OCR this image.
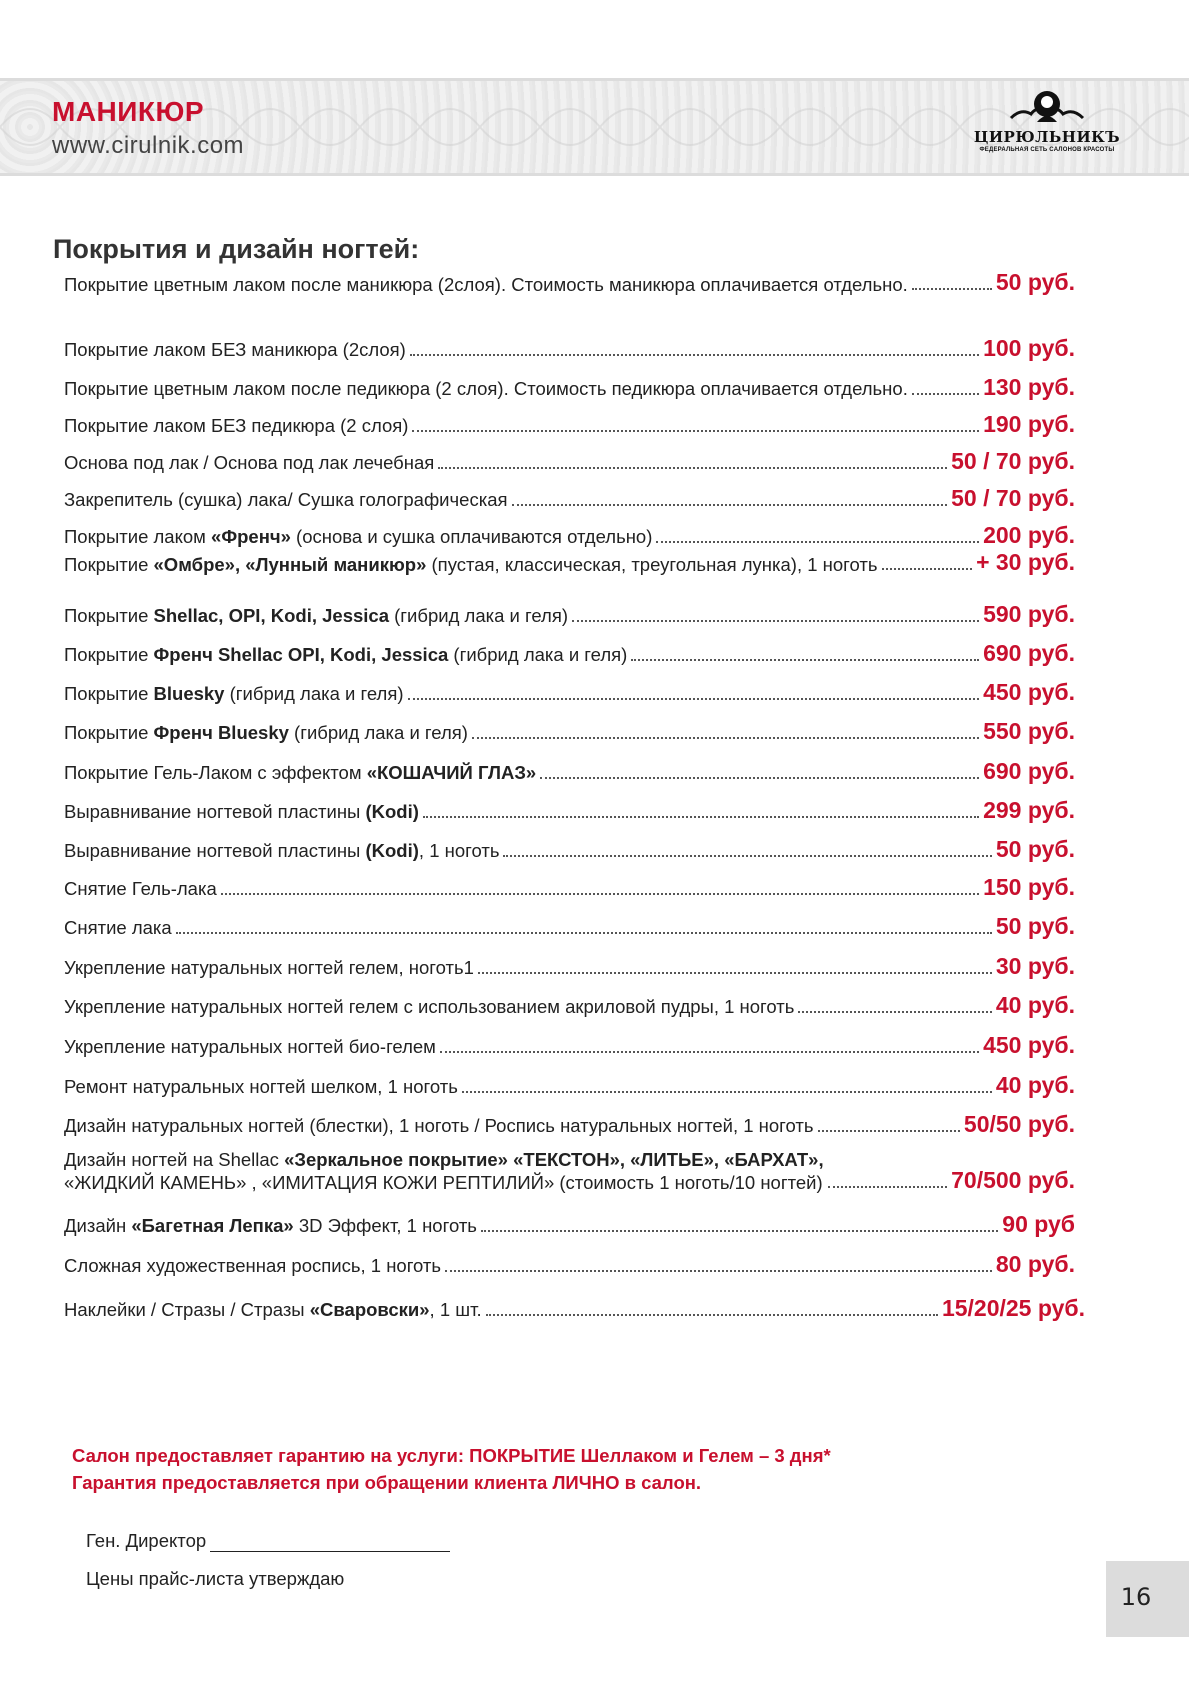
МАНИКЮР
www.cirulnik.com	ЦИРЮЛЬНИКЪ
ФЕДЕРАЛЬНАЯ СЕТЬ САЛОНОВ КРАСОТЫ
Покрытия и дизайн ногтей:
Покрытие цветным лаком после маникюра (2слоя). Стоимость маникюра оплачивается отдельно.	50 руб.
Покрытие лаком БЕЗ маникюра (2слоя)	100 руб.
Покрытие цветным лаком после педикюра (2 слоя). Стоимость педикюра оплачивается отдельно.	130 руб.
Покрытие лаком БЕЗ педикюра (2 слоя)	190 руб.
Основа под лак / Основа под лак лечебная	50 / 70 руб.
Закрепитель (сушка) лака/ Сушка голографическая	50 / 70 руб.
Покрытие лаком «Френч» (основа и сушка оплачиваются отдельно)	200 руб.
Покрытие «Омбре», «Лунный маникюр» (пустая, классическая, треугольная лунка), 1 ноготь	+ 30 руб.
Покрытие Shellac, OPI, Kodi, Jessica (гибрид лака и геля)	590 руб.
Покрытие Френч Shellac OPI, Kodi, Jessica (гибрид лака и геля)	690 руб.
Покрытие Bluesky (гибрид лака и геля)	450 руб.
Покрытие Френч Bluesky (гибрид лака и геля)	550 руб.
Покрытие Гель-Лаком с эффектом «КОШАЧИЙ ГЛАЗ»	690 руб.
Выравнивание ногтевой пластины (Kodi)	299 руб.
Выравнивание ногтевой пластины (Kodi), 1 ноготь	50 руб.
Снятие Гель-лака	150 руб.
Снятие лака	50 руб.
Укрепление натуральных ногтей гелем, ноготь1	30 руб.
Укрепление натуральных ногтей гелем с использованием акриловой пудры, 1 ноготь	40 руб.
Укрепление натуральных ногтей био-гелем	450 руб.
Ремонт натуральных ногтей шелком, 1 ноготь	40 руб.
Дизайн натуральных ногтей (блестки), 1 ноготь / Роспись натуральных ногтей, 1 ноготь	50/50 руб.
Дизайн ногтей на Shellac «Зеркальное покрытие» «ТЕКСТОН», «ЛИТЬЕ», «БАРХАТ»,
«ЖИДКИЙ КАМЕНЬ» , «ИМИТАЦИЯ КОЖИ РЕПТИЛИЙ» (стоимость 1 ноготь/10 ногтей)	70/500 руб.
Дизайн «Багетная Лепка» 3D Эффект, 1 ноготь	90 руб
Сложная художественная роспись, 1 ноготь	80 руб.
Наклейки / Стразы / Стразы «Сваровски», 1 шт.	15/20/25 руб.
Салон предоставляет гарантию на услуги: ПОКРЫТИЕ Шеллаком и Гелем – 3 дня*
Гарантия предоставляется при обращении клиента ЛИЧНО в салон.
Ген. Директор
Цены прайс-листа утверждаю
16
